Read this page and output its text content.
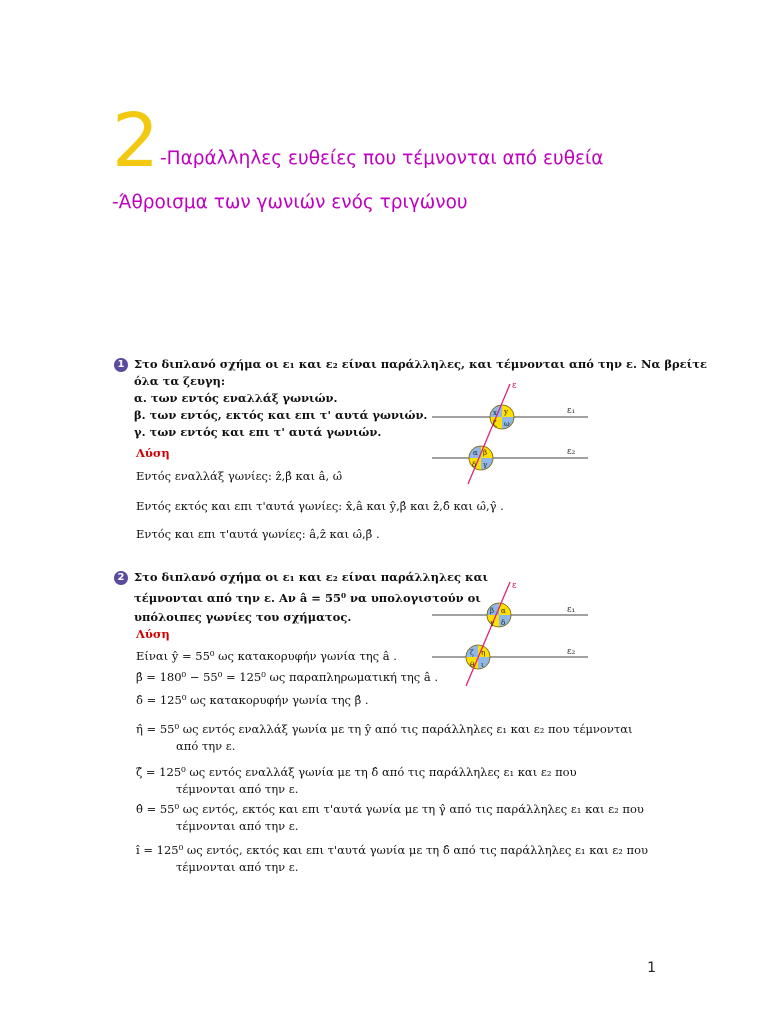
2 -Παράλληλες ευθείες που τέμνονται από ευθεία
-Άθροισμα των γωνιών ενός τριγώνου
1 Στο διπλανό σχήμα οι ε₁ και ε₂ είναι παράλληλες, και τέμνονται από την ε. Να βρείτε
όλα τα ζευγη:
α. των εντός εναλλάξ γωνιών.
β. των εντός, εκτός και επι τ' αυτά γωνιών.
γ. των εντός και επι τ' αυτά γωνιών.
Λύση
Εντός εναλλάξ γωνίες: ẑ,β̂ και â, ω̂
Εντός εκτός και επι τ'αυτά γωνίες: x̂,â και ŷ,β̂ και ẑ,δ̂ και ω̂,γ̂ .
Εντός και επι τ'αυτά γωνίες: â,ẑ και ω̂,β̂ .
ε
ε₁
ε₂
x y
ζ ω
α β
δ γ
2 Στο διπλανό σχήμα οι ε₁ και ε₂ είναι παράλληλες και
τέμνονται από την ε. Αν â = 55⁰ να υπολογιστούν οι
υπόλοιπες γωνίες του σχήματος.
Λύση
Είναι ŷ = 55⁰ ως κατακορυφήν γωνία της â .
β̂ = 180⁰ − 55⁰ = 125⁰ ως παραπληρωματική της â .
δ̂ = 125⁰ ως κατακορυφήν γωνία της β̂ .
η̂ = 55⁰ ως εντός εναλλάξ γωνία με τη ŷ από τις παράλληλες ε₁ και ε₂ που τέμνονται
από την ε.
ζ̂ = 125⁰ ως εντός εναλλάξ γωνία με τη δ̂ από τις παράλληλες ε₁ και ε₂ που
τέμνονται από την ε.
θ̂ = 55⁰ ως εντός, εκτός και επι τ'αυτά γωνία με τη γ̂ από τις παράλληλες ε₁ και ε₂ που
τέμνονται από την ε.
î = 125⁰ ως εντός, εκτός και επι τ'αυτά γωνία με τη δ̂ από τις παράλληλες ε₁ και ε₂ που
τέμνονται από την ε.
ε
ε₁
ε₂
β α
γ δ
ζ η
θ ι
1
